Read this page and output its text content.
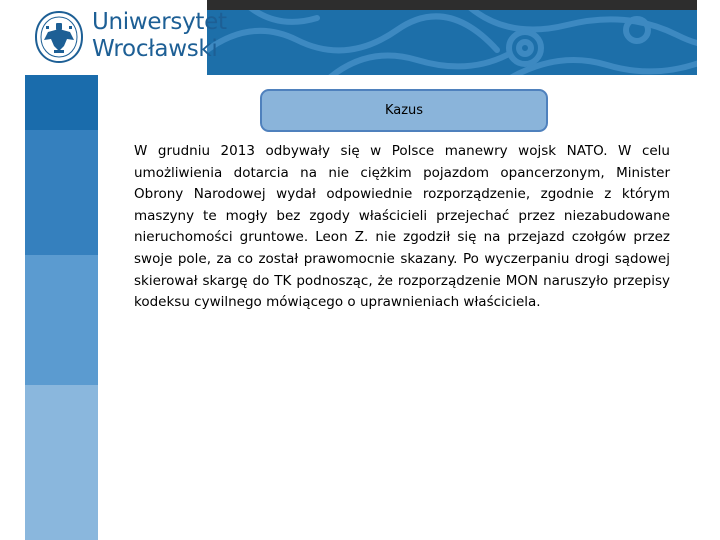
Uniwersytet
Wrocławski
Kazus

W grudniu 2013 odbywały się w Polsce manewry wojsk NATO. W celu umożliwienia dotarcia na nie ciężkim pojazdom opancerzonym, Minister Obrony Narodowej wydał odpowiednie rozporządzenie, zgodnie z którym maszyny te mogły bez zgody właścicieli przejechać przez niezabudowane nieruchomości gruntowe. Leon Z. nie zgodził się na przejazd czołgów przez swoje pole, za co został prawomocnie skazany. Po wyczerpaniu drogi sądowej skierował skargę do TK podnosząc, że rozporządzenie MON naruszyło przepisy kodeksu cywilnego mówiącego o uprawnieniach właściciela.
